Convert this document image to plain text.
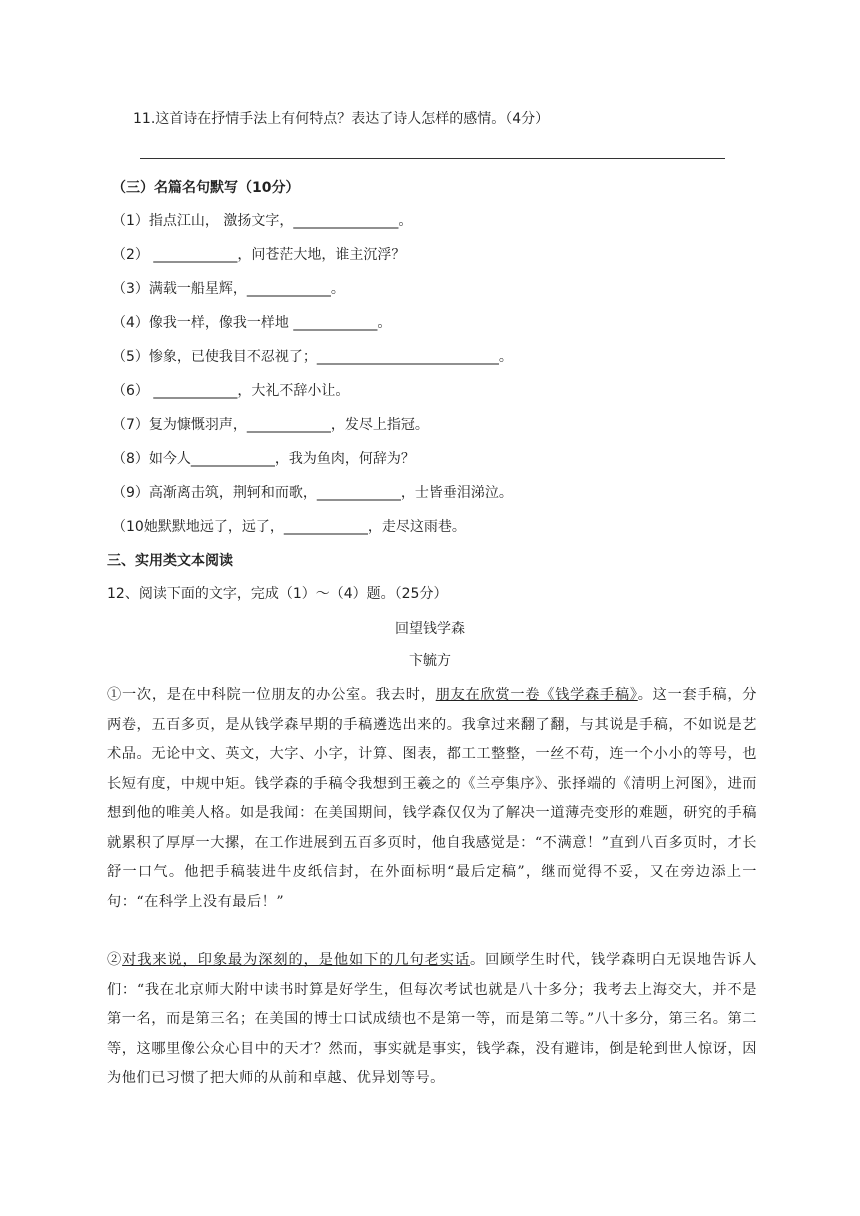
11.这首诗在抒情手法上有何特点？表达了诗人怎样的感情。（4分）
（三）名篇名句默写（10分）
（1）指点江山， 激扬文字，_______________。
（2） ____________，问苍茫大地，谁主沉浮？
（3）满载一船星辉，____________。
（4）像我一样，像我一样地 ____________。
（5）惨象，已使我目不忍视了；__________________________。
（6） ____________，大礼不辞小让。
（7）复为慷慨羽声，____________，发尽上指冠。
（8）如今人____________，我为鱼肉，何辞为？
（9）高渐离击筑，荆轲和而歌，____________，士皆垂泪涕泣。
（10她默默地远了，远了，____________，走尽这雨巷。
三、实用类文本阅读
12、阅读下面的文字，完成（1）～（4）题。（25分）
回望钱学森
卞毓方
①一次，是在中科院一位朋友的办公室。我去时，朋友在欣赏一卷《钱学森手稿》。这一套手稿，分两卷，五百多页，是从钱学森早期的手稿遴选出来的。我拿过来翻了翻，与其说是手稿，不如说是艺术品。无论中文、英文，大字、小字，计算、图表，都工工整整，一丝不苟，连一个小小的等号，也长短有度，中规中矩。钱学森的手稿令我想到王羲之的《兰亭集序》、张择端的《清明上河图》，进而想到他的唯美人格。如是我闻：在美国期间，钱学森仅仅为了解决一道薄壳变形的难题，研究的手稿就累积了厚厚一大摞，在工作进展到五百多页时，他自我感觉是：“不满意！”直到八百多页时，才长舒一口气。他把手稿装进牛皮纸信封，在外面标明“最后定稿”，继而觉得不妥，又在旁边添上一句：“在科学上没有最后！”
②对我来说，印象最为深刻的，是他如下的几句老实话。回顾学生时代，钱学森明白无误地告诉人们：“我在北京师大附中读书时算是好学生，但每次考试也就是八十多分；我考去上海交大，并不是第一名，而是第三名；在美国的博士口试成绩也不是第一等，而是第二等。”八十多分，第三名。第二等，这哪里像公众心目中的天才？然而，事实就是事实，钱学森，没有避讳，倒是轮到世人惊讶，因为他们已习惯了把大师的从前和卓越、优异划等号。
